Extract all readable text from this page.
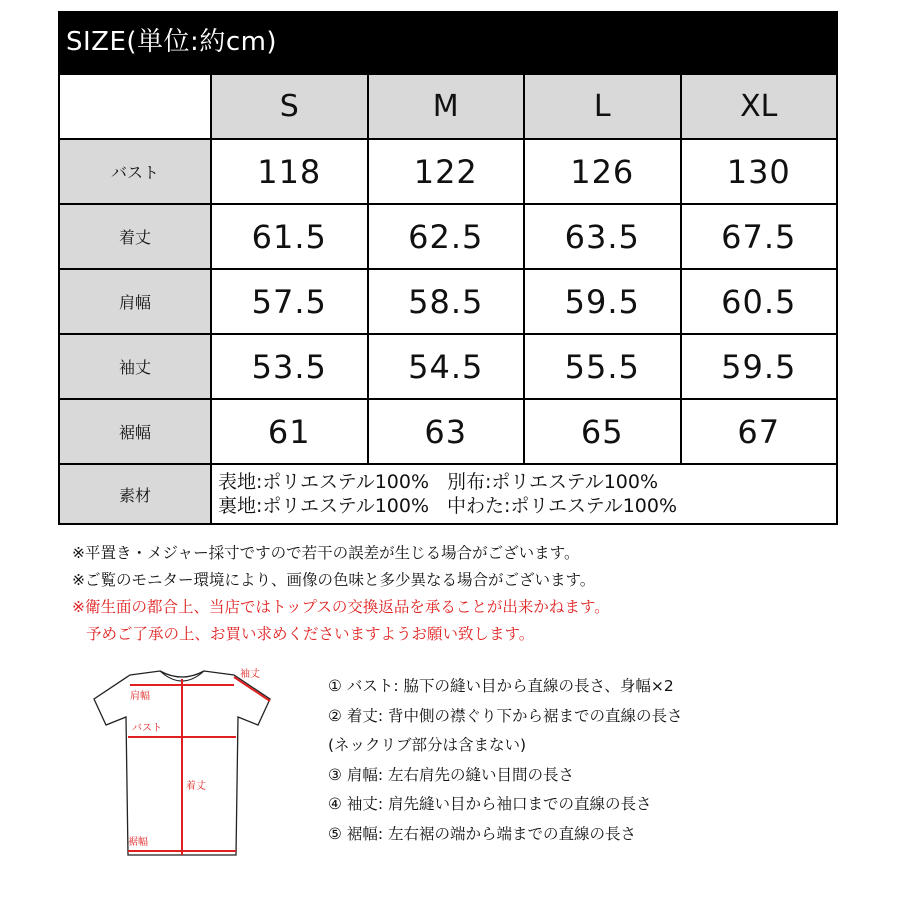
SIZE(単位:約cm)
	S	M	L	XL
バスト	118	122	126	130
着丈	61.5	62.5	63.5	67.5
肩幅	57.5	58.5	59.5	60.5
袖丈	53.5	54.5	55.5	59.5
裾幅	61	63	65	67
素材	表地:ポリエステル100% 別布:ポリエステル100%
裏地:ポリエステル100% 中わた:ポリエステル100%			
※平置き・メジャー採寸ですので若干の誤差が生じる場合がございます。
※ご覧のモニター環境により、画像の色味と多少異なる場合がございます。
※衛生面の都合上、当店ではトップスの交換返品を承ることが出来かねます。
予めご了承の上、お買い求めくださいますようお願い致します。
袖丈
肩幅
バスト
着丈
裾幅
① バスト: 脇下の縫い目から直線の長さ、身幅×2
② 着丈: 背中側の襟ぐり下から裾までの直線の長さ
(ネックリブ部分は含まない)
③ 肩幅: 左右肩先の縫い目間の長さ
④ 袖丈: 肩先縫い目から袖口までの直線の長さ
⑤ 裾幅: 左右裾の端から端までの直線の長さ
